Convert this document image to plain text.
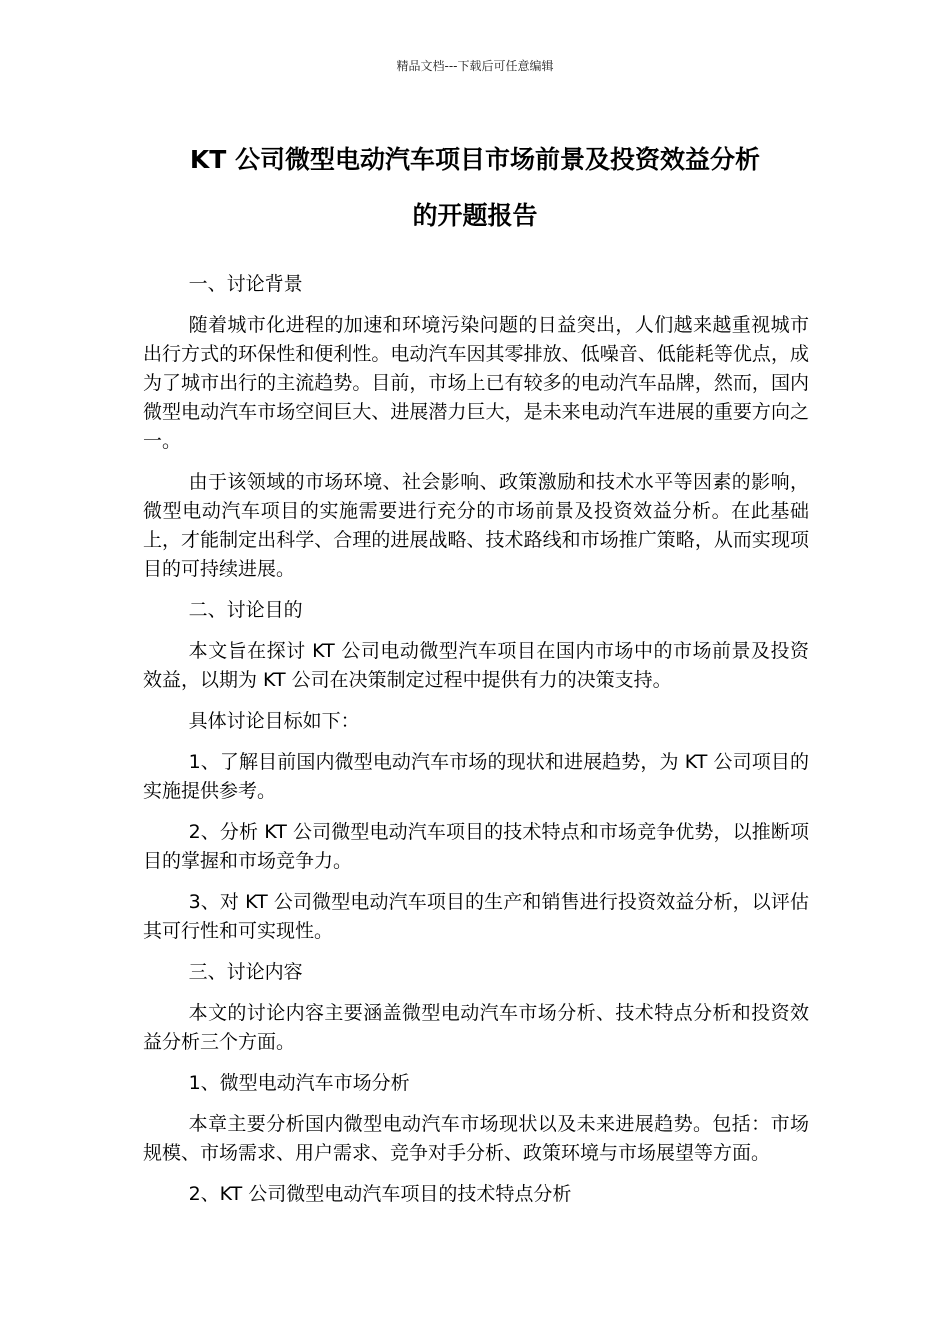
精品文档---下载后可任意编辑
KT 公司微型电动汽车项目市场前景及投资效益分析
的开题报告

一、讨论背景

随着城市化进程的加速和环境污染问题的日益突出，人们越来越重视城市出行方式的环保性和便利性。电动汽车因其零排放、低噪音、低能耗等优点，成为了城市出行的主流趋势。目前，市场上已有较多的电动汽车品牌，然而，国内微型电动汽车市场空间巨大、进展潜力巨大，是未来电动汽车进展的重要方向之一。

由于该领域的市场环境、社会影响、政策激励和技术水平等因素的影响，微型电动汽车项目的实施需要进行充分的市场前景及投资效益分析。在此基础上，才能制定出科学、合理的进展战略、技术路线和市场推广策略，从而实现项目的可持续进展。

二、讨论目的

本文旨在探讨 KT 公司电动微型汽车项目在国内市场中的市场前景及投资效益，以期为 KT 公司在决策制定过程中提供有力的决策支持。

具体讨论目标如下：

1、了解目前国内微型电动汽车市场的现状和进展趋势，为 KT 公司项目的实施提供参考。

2、分析 KT 公司微型电动汽车项目的技术特点和市场竞争优势，以推断项目的掌握和市场竞争力。

3、对 KT 公司微型电动汽车项目的生产和销售进行投资效益分析，以评估其可行性和可实现性。

三、讨论内容

本文的讨论内容主要涵盖微型电动汽车市场分析、技术特点分析和投资效益分析三个方面。

1、微型电动汽车市场分析

本章主要分析国内微型电动汽车市场现状以及未来进展趋势。包括：市场规模、市场需求、用户需求、竞争对手分析、政策环境与市场展望等方面。

2、KT 公司微型电动汽车项目的技术特点分析
